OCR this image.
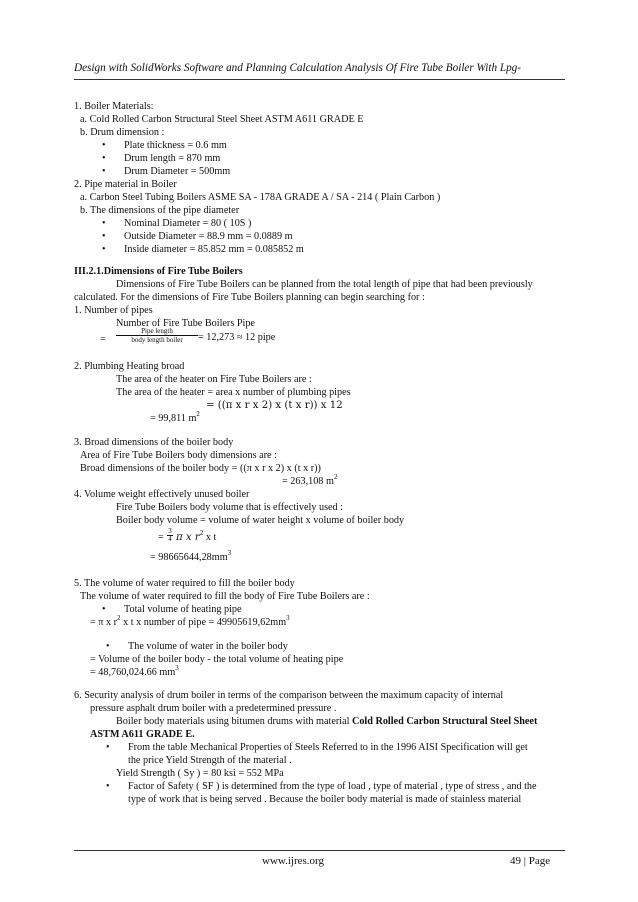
Design with SolidWorks Software and Planning Calculation Analysis Of Fire Tube Boiler With Lpg-
1. Boiler Materials:
a. Cold Rolled Carbon Structural Steel Sheet ASTM A611 GRADE E
b. Drum dimension :
• Plate thickness = 0.6 mm
• Drum length = 870 mm
• Drum Diameter = 500mm
2. Pipe material in Boiler
a. Carbon Steel Tubing Boilers ASME SA - 178A GRADE A / SA - 214 ( Plain Carbon )
b. The dimensions of the pipe diameter
• Nominal Diameter = 80 ( 10S )
• Outside Diameter = 88.9 mm = 0.0889 m
• Inside diameter = 85.852 mm = 0.085852 m
III.2.1.Dimensions of Fire Tube Boilers
Dimensions of Fire Tube Boilers can be planned from the total length of pipe that had been previously
calculated. For the dimensions of Fire Tube Boilers planning can begin searching for :
1. Number of pipes
Number of Fire Tube Boilers Pipe
=
Pipe length
body length boiler	= 12,273 ≈ 12 pipe
2. Plumbing Heating broad
The area of the heater on Fire Tube Boilers are :
The area of the heater = area x number of plumbing pipes
= ((π x r x 2) x (t x r)) x 12
= 99,811 $m^2$
3. Broad dimensions of the boiler body
Area of Fire Tube Boilers body dimensions are :
Broad dimensions of the boiler body = ((π x r x 2) x (t x r))
= 263,108 $m^2$
4. Volume weight effectively unused boiler
Fire Tube Boilers body volume that is effectively used :
Boiler body volume = volume of water height x volume of boiler body
= $\frac{3}{4}$ π x $r^2$ x t
= $98665644,28mm^3$
5. The volume of water required to fill the boiler body
The volume of water required to fill the body of Fire Tube Boilers are :
• Total volume of heating pipe
= π x $r^2$ x t x number of pipe = $49905619,62mm^3$
• The volume of water in the boiler body
= Volume of the boiler body - the total volume of heating pipe
= 48,760,024.66 $mm^3$
6. Security analysis of drum boiler in terms of the comparison between the maximum capacity of internal
pressure asphalt drum boiler with a predetermined pressure .
Boiler body materials using bitumen drums with material Cold Rolled Carbon Structural Steel Sheet
ASTM A611 GRADE E.
• From the table Mechanical Properties of Steels Referred to in the 1996 AISI Specification will get
the price Yield Strength of the material .
Yield Strength ( Sy ) = 80 ksi = 552 MPa
• Factor of Safety ( SF ) is determined from the type of load , type of material , type of stress , and the
type of work that is being served . Because the boiler body material is made of stainless material
www.ijres.org	49 | Page
